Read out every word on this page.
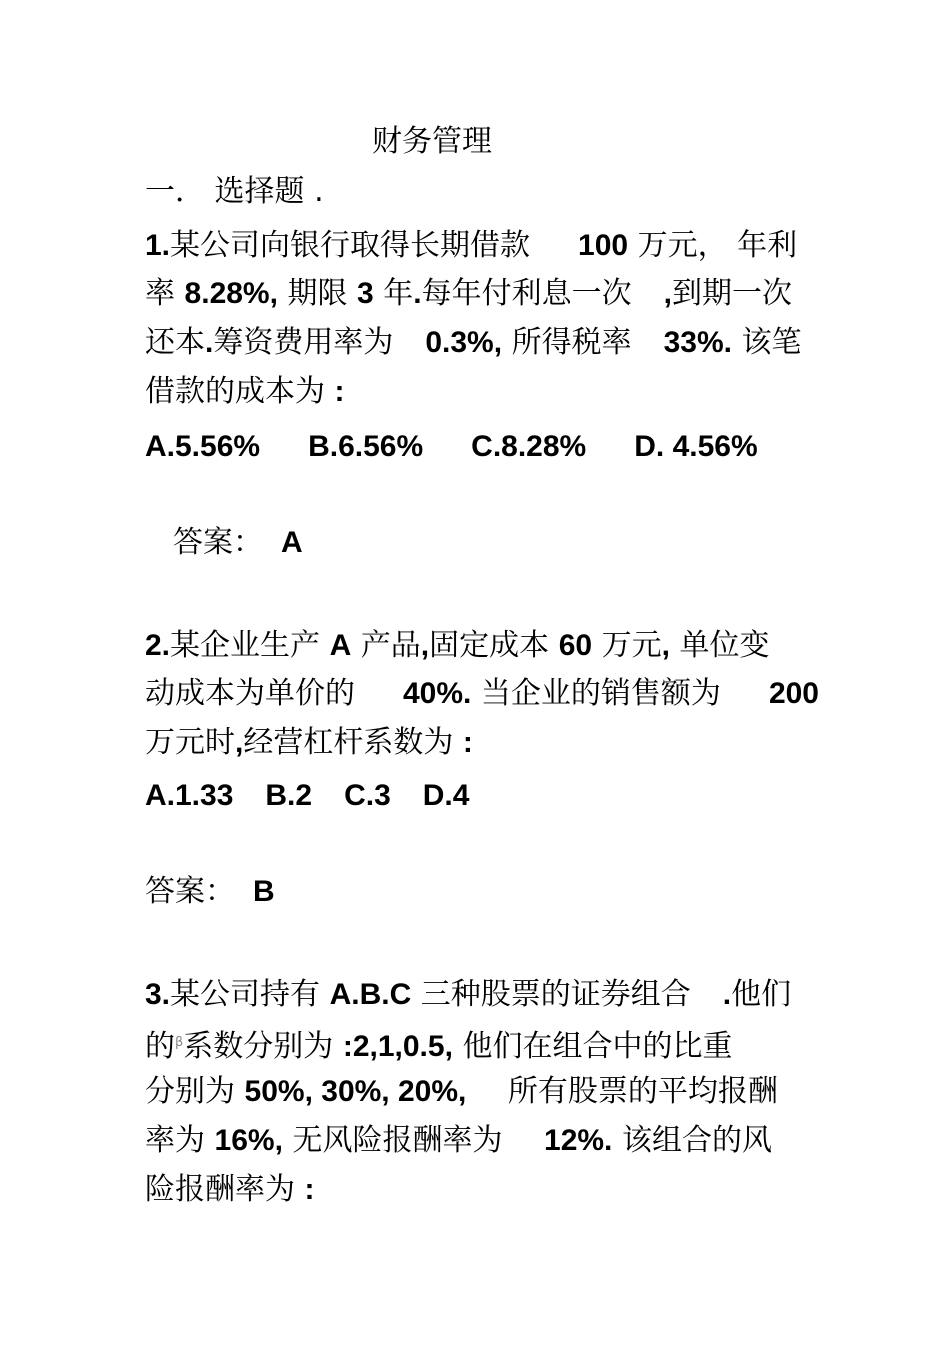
财务管理
一． 选择题 .
1.某公司向银行取得长期借款 100 万元， 年利
率 8.28%, 期限 3 年.每年付利息一次 ,到期一次
还本.筹资费用率为 0.3%, 所得税率 33%. 该笔
借款的成本为 :
A.5.56% B.6.56% C.8.28% D. 4.56%
答案： A
2.某企业生产 A 产品,固定成本 60 万元, 单位变
动成本为单价的 40%. 当企业的销售额为 200
万元时,经营杠杆系数为 :
A.1.33 B.2 C.3 D.4
答案： B
3.某公司持有 A.B.C 三种股票的证券组合 .他们
的$^\beta$系数分别为 :2,1,0.5, 他们在组合中的比重
分别为 50%, 30%, 20%, 所有股票的平均报酬
率为 16%, 无风险报酬率为 12%. 该组合的风
险报酬率为 :
